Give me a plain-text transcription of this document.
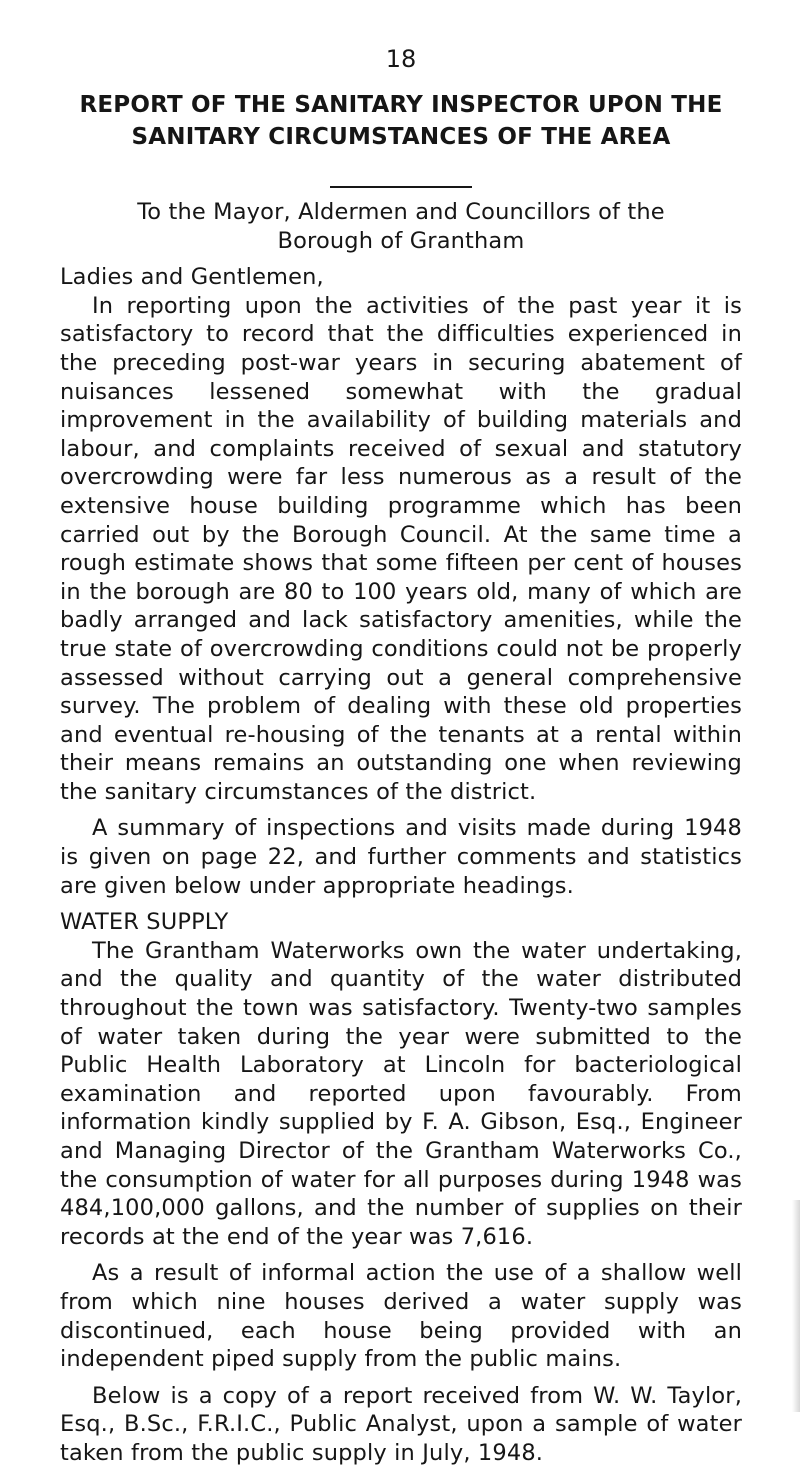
18
REPORT OF THE SANITARY INSPECTOR UPON THE
SANITARY CIRCUMSTANCES OF THE AREA

To the Mayor, Aldermen and Councillors of the Borough of Grantham

Ladies and Gentlemen,

In reporting upon the activities of the past year it is satisfactory to record that the difficulties experienced in the preceding post-war years in securing abatement of nuisances lessened somewhat with the gradual improvement in the availability of building materials and labour, and complaints received of sexual and statutory overcrowding were far less numerous as a result of the extensive house building programme which has been carried out by the Borough Council. At the same time a rough estimate shows that some fifteen per cent of houses in the borough are 80 to 100 years old, many of which are badly arranged and lack satisfactory amenities, while the true state of overcrowding conditions could not be properly assessed without carrying out a general comprehensive survey. The problem of dealing with these old properties and eventual re-housing of the tenants at a rental within their means remains an outstanding one when reviewing the sanitary circumstances of the district.

A summary of inspections and visits made during 1948 is given on page 22, and further comments and statistics are given below under appropriate headings.

WATER SUPPLY

The Grantham Waterworks own the water undertaking, and the quality and quantity of the water distributed throughout the town was satisfactory. Twenty-two samples of water taken during the year were submitted to the Public Health Laboratory at Lincoln for bacteriological examination and reported upon favourably. From information kindly supplied by F. A. Gibson, Esq., Engineer and Managing Director of the Grantham Waterworks Co., the consumption of water for all purposes during 1948 was 484,100,000 gallons, and the number of supplies on their records at the end of the year was 7,616.

As a result of informal action the use of a shallow well from which nine houses derived a water supply was discontinued, each house being provided with an independent piped supply from the public mains.

Below is a copy of a report received from W. W. Taylor, Esq., B.Sc., F.R.I.C., Public Analyst, upon a sample of water taken from the public supply in July, 1948.
